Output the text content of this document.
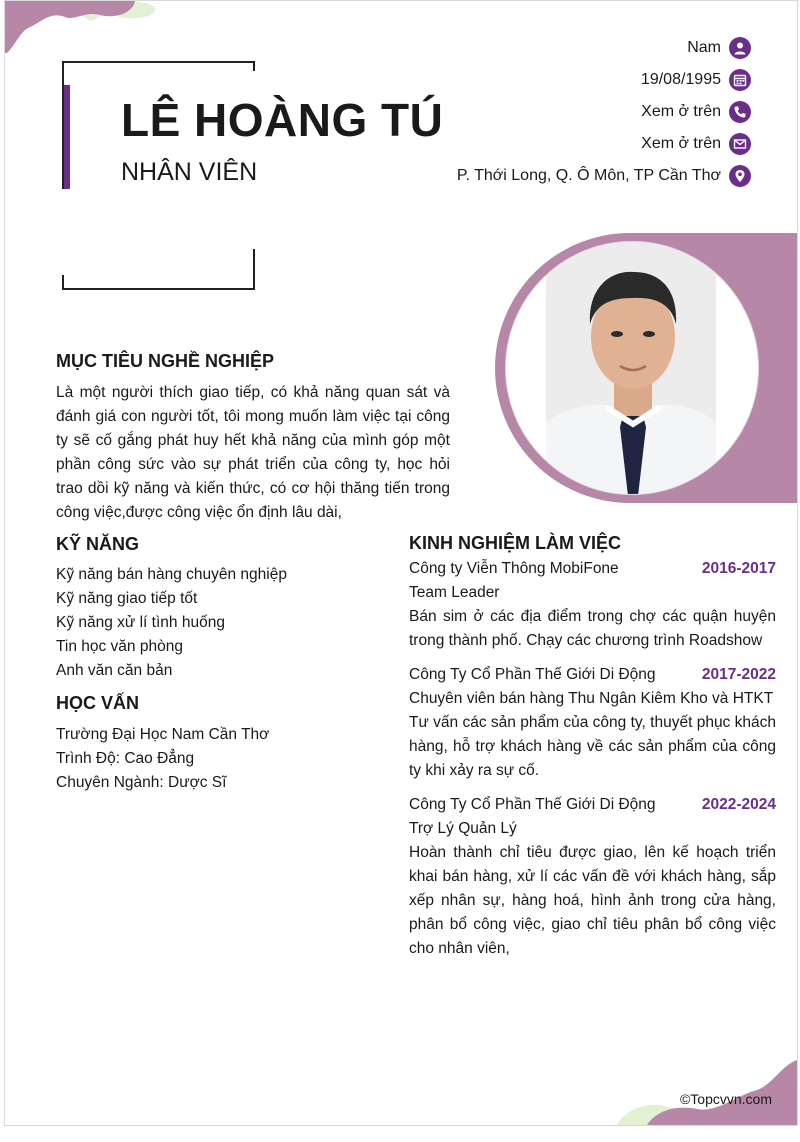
LÊ HOÀNG TÚ
NHÂN VIÊN
Nam
19/08/1995
Xem ở trên
Xem ở trên
P. Thới Long, Q. Ô Môn, TP Cần Thơ
MỤC TIÊU NGHỀ NGHIỆP

Là một người thích giao tiếp, có khả năng quan sát và đánh giá con người tốt, tôi mong muốn làm việc tại công ty sẽ cố gắng phát huy hết khả năng của mình góp một phần công sức vào sự phát triển của công ty, học hỏi trao dồi kỹ năng và kiến thức, có cơ hội thăng tiến trong công việc,được công việc ổn định lâu dài,

KỸ NĂNG
Kỹ năng bán hàng chuyên nghiệp
Kỹ năng giao tiếp tốt
Kỹ năng xử lí tình huống
Tin học văn phòng
Anh văn căn bản
HỌC VẤN
Trường Đại Học Nam Cần Thơ
Trình Độ: Cao Đẳng
Chuyên Ngành: Dược Sĩ
KINH NGHIỆM LÀM VIỆC
Công ty Viễn Thông MobiFone	2016-2017
Team Leader

Bán sim ở các địa điểm trong chợ các quận huyện trong thành phố. Chạy các chương trình Roadshow

Công Ty Cổ Phần Thế Giới Di Động	2017-2022
Chuyên viên bán hàng Thu Ngân Kiêm Kho và HTKT

Tư vấn các sản phẩm của công ty, thuyết phục khách hàng, hỗ trợ khách hàng về các sản phẩm của công ty khi xảy ra sự cố.

Công Ty Cổ Phần Thế Giới Di Động	2022-2024
Trợ Lý Quản Lý

Hoàn thành chỉ tiêu được giao, lên kế hoạch triển khai bán hàng, xử lí các vấn đề với khách hàng, sắp xếp nhân sự, hàng hoá, hình ảnh trong cửa hàng, phân bổ công việc, giao chỉ tiêu phân bổ công việc cho nhân viên,

©Topcvvn.com
